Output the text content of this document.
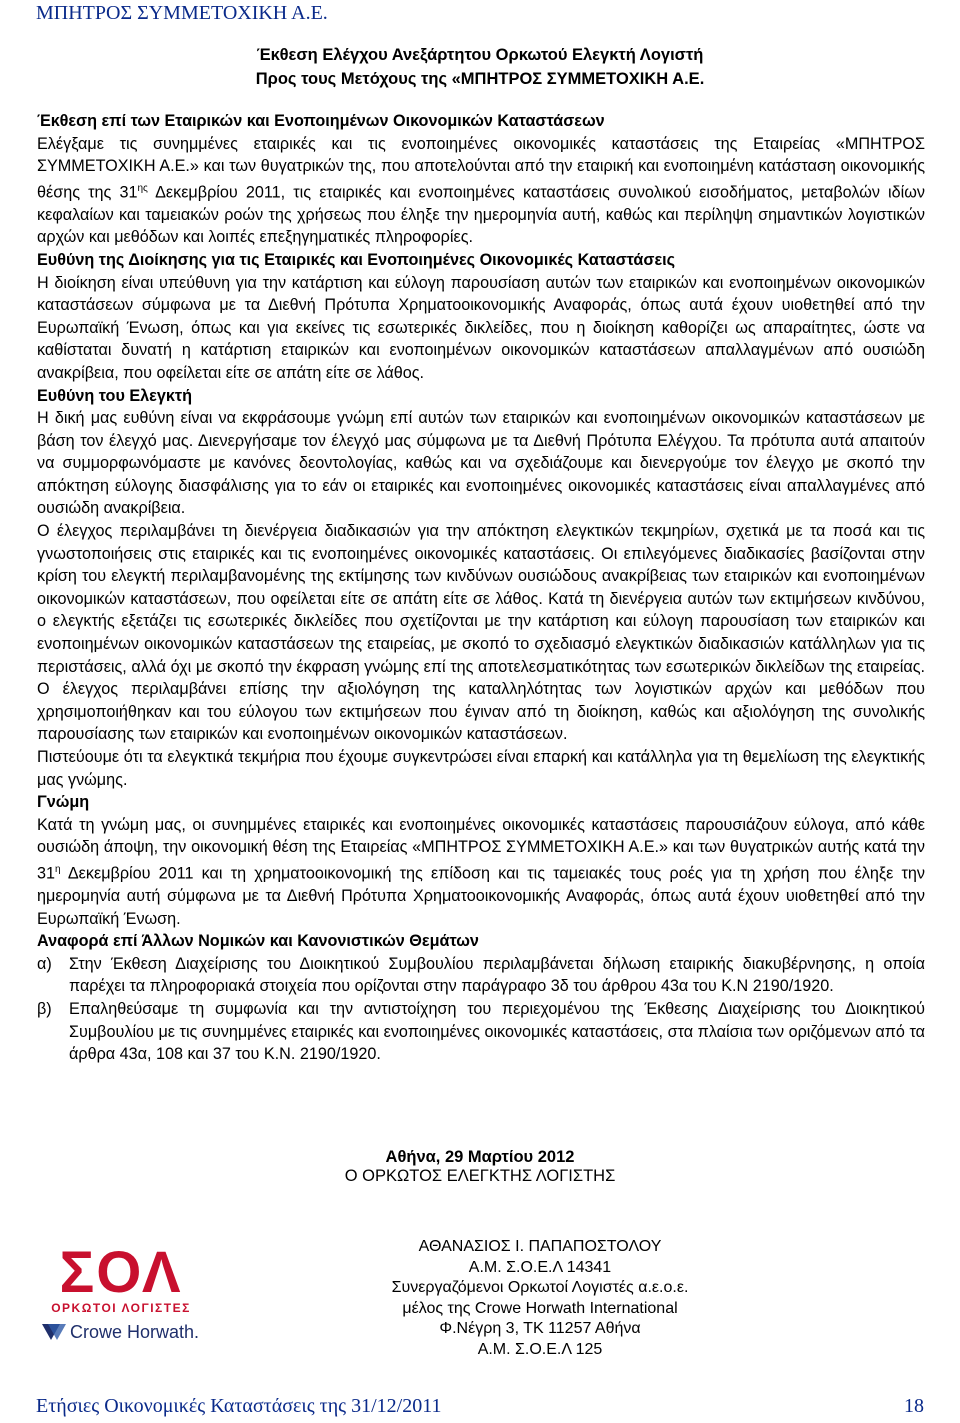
ΜΠΗΤΡΟΣ ΣΥΜΜΕΤΟΧΙΚΗ Α.Ε.
Έκθεση Ελέγχου Ανεξάρτητου Ορκωτού Ελεγκτή Λογιστή
Προς τους Μετόχους της «ΜΠΗΤΡΟΣ ΣΥΜΜΕΤΟΧΙΚΗ Α.Ε.

Έκθεση επί των Εταιρικών και Ενοποιημένων Οικονομικών Καταστάσεων

Ελέγξαμε τις συνημμένες εταιρικές και τις ενοποιημένες οικονομικές καταστάσεις της Εταιρείας «ΜΠΗΤΡΟΣ ΣΥΜΜΕΤΟΧΙΚΗ Α.Ε.» και των θυγατρικών της, που αποτελούνται από την εταιρική και ενοποιημένη κατάσταση οικονομικής θέσης της $31^{\eta\varsigma}$ Δεκεμβρίου 2011, τις εταιρικές και ενοποιημένες καταστάσεις συνολικού εισοδήματος, μεταβολών ιδίων κεφαλαίων και ταμειακών ροών της χρήσεως που έληξε την ημερομηνία αυτή, καθώς και περίληψη σημαντικών λογιστικών αρχών και μεθόδων και λοιπές επεξηγηματικές πληροφορίες.

Ευθύνη της Διοίκησης για τις Εταιρικές και Ενοποιημένες Οικονομικές Καταστάσεις

Η διοίκηση είναι υπεύθυνη για την κατάρτιση και εύλογη παρουσίαση αυτών των εταιρικών και ενοποιημένων οικονομικών καταστάσεων σύμφωνα με τα Διεθνή Πρότυπα Χρηματοοικονομικής Αναφοράς, όπως αυτά έχουν υιοθετηθεί από την Ευρωπαϊκή Ένωση, όπως και για εκείνες τις εσωτερικές δικλείδες, που η διοίκηση καθορίζει ως απαραίτητες, ώστε να καθίσταται δυνατή η κατάρτιση εταιρικών και ενοποιημένων οικονομικών καταστάσεων απαλλαγμένων από ουσιώδη ανακρίβεια, που οφείλεται είτε σε απάτη είτε σε λάθος.

Ευθύνη του Ελεγκτή

Η δική μας ευθύνη είναι να εκφράσουμε γνώμη επί αυτών των εταιρικών και ενοποιημένων οικονομικών καταστάσεων με βάση τον έλεγχό μας. Διενεργήσαμε τον έλεγχό μας σύμφωνα με τα Διεθνή Πρότυπα Ελέγχου. Τα πρότυπα αυτά απαιτούν να συμμορφωνόμαστε με κανόνες δεοντολογίας, καθώς και να σχεδιάζουμε και διενεργούμε τον έλεγχο με σκοπό την απόκτηση εύλογης διασφάλισης για το εάν οι εταιρικές και ενοποιημένες οικονομικές καταστάσεις είναι απαλλαγμένες από ουσιώδη ανακρίβεια.

Ο έλεγχος περιλαμβάνει τη διενέργεια διαδικασιών για την απόκτηση ελεγκτικών τεκμηρίων, σχετικά με τα ποσά και τις γνωστοποιήσεις στις εταιρικές και τις ενοποιημένες οικονομικές καταστάσεις. Οι επιλεγόμενες διαδικασίες βασίζονται στην κρίση του ελεγκτή περιλαμβανομένης της εκτίμησης των κινδύνων ουσιώδους ανακρίβειας των εταιρικών και ενοποιημένων οικονομικών καταστάσεων, που οφείλεται είτε σε απάτη είτε σε λάθος. Κατά τη διενέργεια αυτών των εκτιμήσεων κινδύνου, ο ελεγκτής εξετάζει τις εσωτερικές δικλείδες που σχετίζονται με την κατάρτιση και εύλογη παρουσίαση των εταιρικών και ενοποιημένων οικονομικών καταστάσεων της εταιρείας, με σκοπό το σχεδιασμό ελεγκτικών διαδικασιών κατάλληλων για τις περιστάσεις, αλλά όχι με σκοπό την έκφραση γνώμης επί της αποτελεσματικότητας των εσωτερικών δικλείδων της εταιρείας. Ο έλεγχος περιλαμβάνει επίσης την αξιολόγηση της καταλληλότητας των λογιστικών αρχών και μεθόδων που χρησιμοποιήθηκαν και του εύλογου των εκτιμήσεων που έγιναν από τη διοίκηση, καθώς και αξιολόγηση της συνολικής παρουσίασης των εταιρικών και ενοποιημένων οικονομικών καταστάσεων.

Πιστεύουμε ότι τα ελεγκτικά τεκμήρια που έχουμε συγκεντρώσει είναι επαρκή και κατάλληλα για τη θεμελίωση της ελεγκτικής μας γνώμης.

Γνώμη

Κατά τη γνώμη μας, οι συνημμένες εταιρικές και ενοποιημένες οικονομικές καταστάσεις παρουσιάζουν εύλογα, από κάθε ουσιώδη άποψη, την οικονομική θέση της Εταιρείας «ΜΠΗΤΡΟΣ ΣΥΜΜΕΤΟΧΙΚΗ Α.Ε.» και των θυγατρικών αυτής κατά την $31^\eta$ Δεκεμβρίου 2011 και τη χρηματοοικονομική της επίδοση και τις ταμειακές τους ροές για τη χρήση που έληξε την ημερομηνία αυτή σύμφωνα με τα Διεθνή Πρότυπα Χρηματοοικονομικής Αναφοράς, όπως αυτά έχουν υιοθετηθεί από την Ευρωπαϊκή Ένωση.

Αναφορά επί Άλλων Νομικών και Κανονιστικών Θεμάτων

α)	Στην Έκθεση Διαχείρισης του Διοικητικού Συμβουλίου περιλαμβάνεται δήλωση εταιρικής διακυβέρνησης, η οποία παρέχει τα πληροφοριακά στοιχεία που ορίζονται στην παράγραφο 3δ του άρθρου 43α του Κ.Ν 2190/1920.
β)	Επαληθεύσαμε τη συμφωνία και την αντιστοίχηση του περιεχομένου της Έκθεσης Διαχείρισης του Διοικητικού Συμβουλίου με τις συνημμένες εταιρικές και ενοποιημένες οικονομικές καταστάσεις, στα πλαίσια των οριζόμενων από τα άρθρα 43α, 108 και 37 του Κ.Ν. 2190/1920.
Αθήνα, 29 Μαρτίου 2012
Ο ΟΡΚΩΤΟΣ ΕΛΕΓΚΤΗΣ ΛΟΓΙΣΤΗΣ
ΣΟΛ
ΟΡΚΩΤΟΙ ΛΟΓΙΣΤΕΣ
Crowe Horwath.
ΑΘΑΝΑΣΙΟΣ Ι. ΠΑΠΑΠΟΣΤΟΛΟΥ
Α.Μ. Σ.Ο.Ε.Λ 14341
Συνεργαζόμενοι Ορκωτοί Λογιστές α.ε.ο.ε.
μέλος της Crowe Horwath International
Φ.Νέγρη 3, ΤΚ 11257 Αθήνα
Α.Μ. Σ.Ο.Ε.Λ 125
Ετήσιες Οικονομικές Καταστάσεις της 31/12/2011	18
